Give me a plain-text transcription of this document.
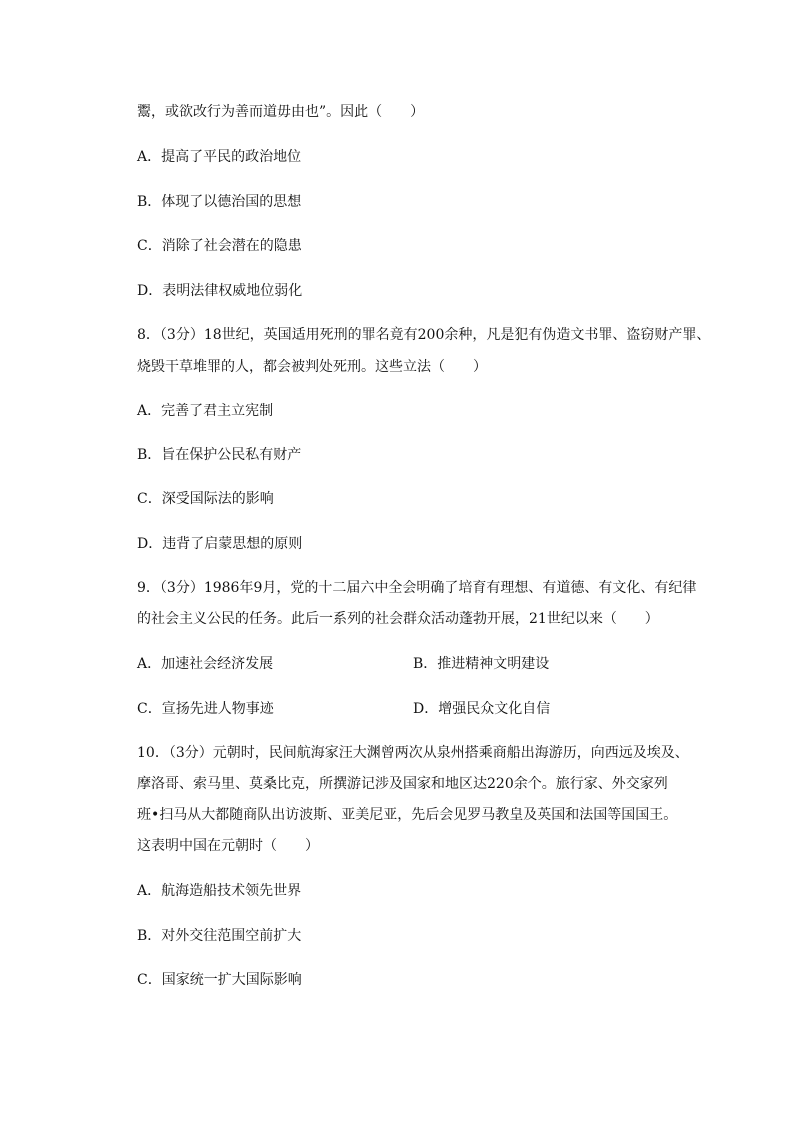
鬻，或欲改行为善而道毋由也”。因此（　　）
A．提高了平民的政治地位
B．体现了以德治国的思想
C．消除了社会潜在的隐患
D．表明法律权威地位弱化
8．（3分）18世纪，英国适用死刑的罪名竟有200余种，凡是犯有伪造文书罪、盗窃财产罪、
烧毁干草堆罪的人，都会被判处死刑。这些立法（　　）
A．完善了君主立宪制
B．旨在保护公民私有财产
C．深受国际法的影响
D．违背了启蒙思想的原则
9．（3分）1986年9月，党的十二届六中全会明确了培育有理想、有道德、有文化、有纪律
的社会主义公民的任务。此后一系列的社会群众活动蓬勃开展，21世纪以来（　　）
A．加速社会经济发展	B．推进精神文明建设
C．宣扬先进人物事迹	D．增强民众文化自信
10．（3分）元朝时，民间航海家汪大渊曾两次从泉州搭乘商船出海游历，向西远及埃及、
摩洛哥、索马里、莫桑比克，所撰游记涉及国家和地区达220余个。旅行家、外交家列
班•扫马从大都随商队出访波斯、亚美尼亚，先后会见罗马教皇及英国和法国等国国王。
这表明中国在元朝时（　　）
A．航海造船技术领先世界
B．对外交往范围空前扩大
C．国家统一扩大国际影响
